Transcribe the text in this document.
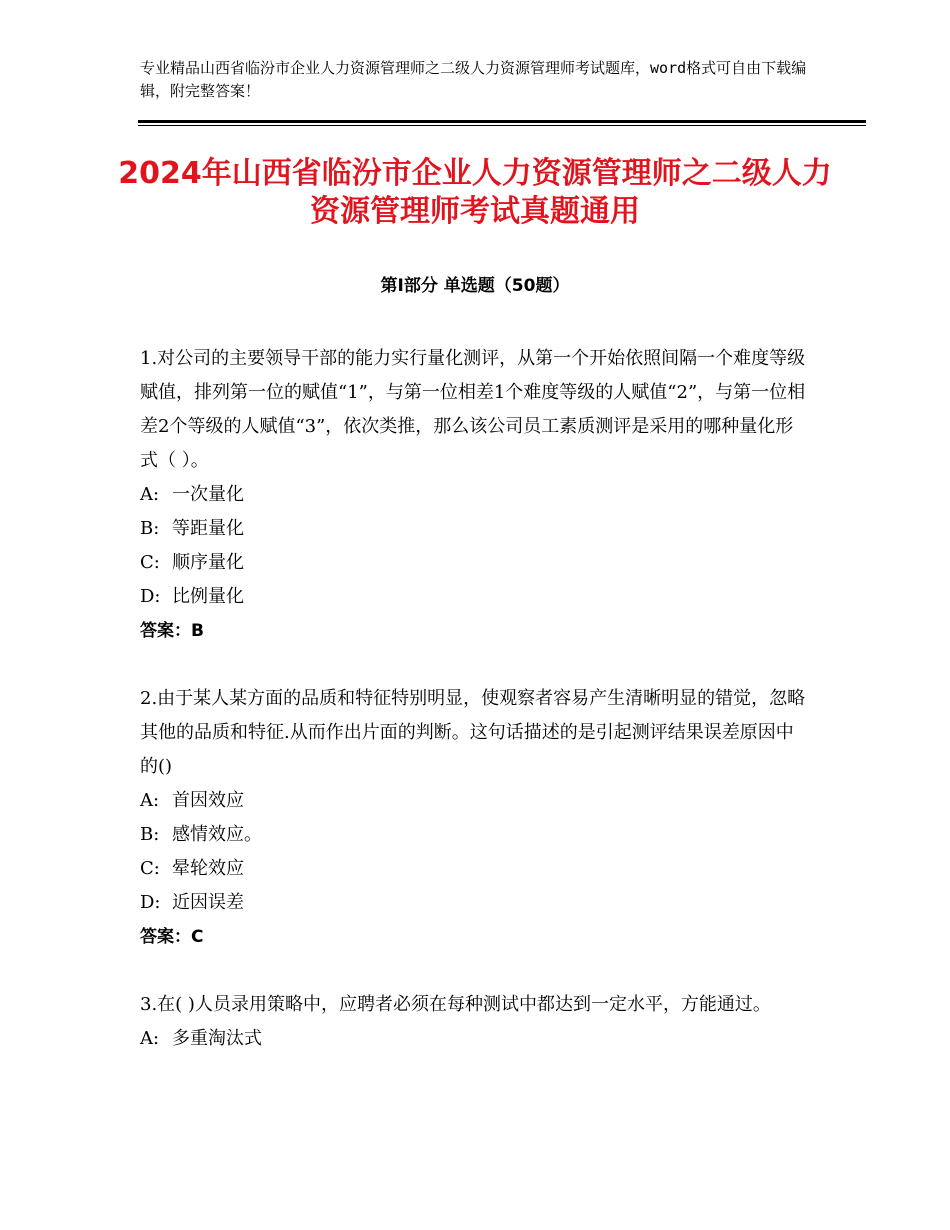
专业精品山西省临汾市企业人力资源管理师之二级人力资源管理师考试题库，word格式可自由下载编辑，附完整答案！
2024年山西省临汾市企业人力资源管理师之二级人力资源管理师考试真题通用
第Ⅰ部分 单选题（50题）

1.对公司的主要领导干部的能力实行量化测评，从第一个开始依照间隔一个难度等级赋值，排列第一位的赋值“1”，与第一位相差1个难度等级的人赋值“2”，与第一位相差2个等级的人赋值“3”，依次类推，那么该公司员工素质测评是采用的哪种量化形式（ ）。

A: 一次量化

B: 等距量化

C: 顺序量化

D: 比例量化

答案：B

2.由于某人某方面的品质和特征特别明显，使观察者容易产生清晰明显的错觉，忽略其他的品质和特征.从而作出片面的判断。这句话描述的是引起测评结果误差原因中的()

A: 首因效应

B: 感情效应。

C: 晕轮效应

D: 近因误差

答案：C

3.在( )人员录用策略中，应聘者必须在每种测试中都达到一定水平，方能通过。

A: 多重淘汰式
